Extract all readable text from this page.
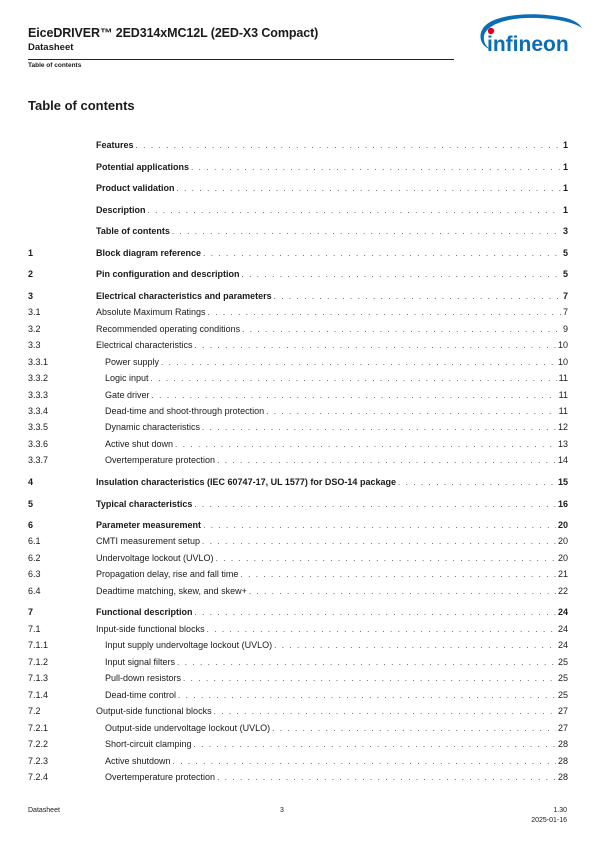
EiceDRIVER™ 2ED314xMC12L (2ED-X3 Compact)
Datasheet
Table of contents
infineon
Table of contents
Features . . .	1
Potential applications . . .	1
Product validation . . .	1
Description . . .	1
Table of contents . . .	3
1	Block diagram reference . . .	5
2	Pin configuration and description . . .	5
3	Electrical characteristics and parameters . . .	7
3.1	Absolute Maximum Ratings . . .	7
3.2	Recommended operating conditions . . .	9
3.3	Electrical characteristics . . .	10
3.3.1	Power supply . . .	10
3.3.2	Logic input . . .	11
3.3.3	Gate driver . . .	11
3.3.4	Dead-time and shoot-through protection . . .	11
3.3.5	Dynamic characteristics . . .	12
3.3.6	Active shut down . . .	13
3.3.7	Overtemperature protection . . .	14
4	Insulation characteristics (IEC 60747-17, UL 1577) for DSO-14 package . . .	15
5	Typical characteristics . . .	16
6	Parameter measurement . . .	20
6.1	CMTI measurement setup . . .	20
6.2	Undervoltage lockout (UVLO) . . .	20
6.3	Propagation delay, rise and fall time . . .	21
6.4	Deadtime matching, skew, and skew+ . . .	22
7	Functional description . . .	24
7.1	Input-side functional blocks . . .	24
7.1.1	Input supply undervoltage lockout (UVLO) . . .	24
7.1.2	Input signal filters . . .	25
7.1.3	Pull-down resistors . . .	25
7.1.4	Dead-time control . . .	25
7.2	Output-side functional blocks . . .	27
7.2.1	Output-side undervoltage lockout (UVLO) . . .	27
7.2.2	Short-circuit clamping . . .	28
7.2.3	Active shutdown . . .	28
7.2.4	Overtemperature protection . . .	28
Datasheet	3	1.30
2025-01-16
